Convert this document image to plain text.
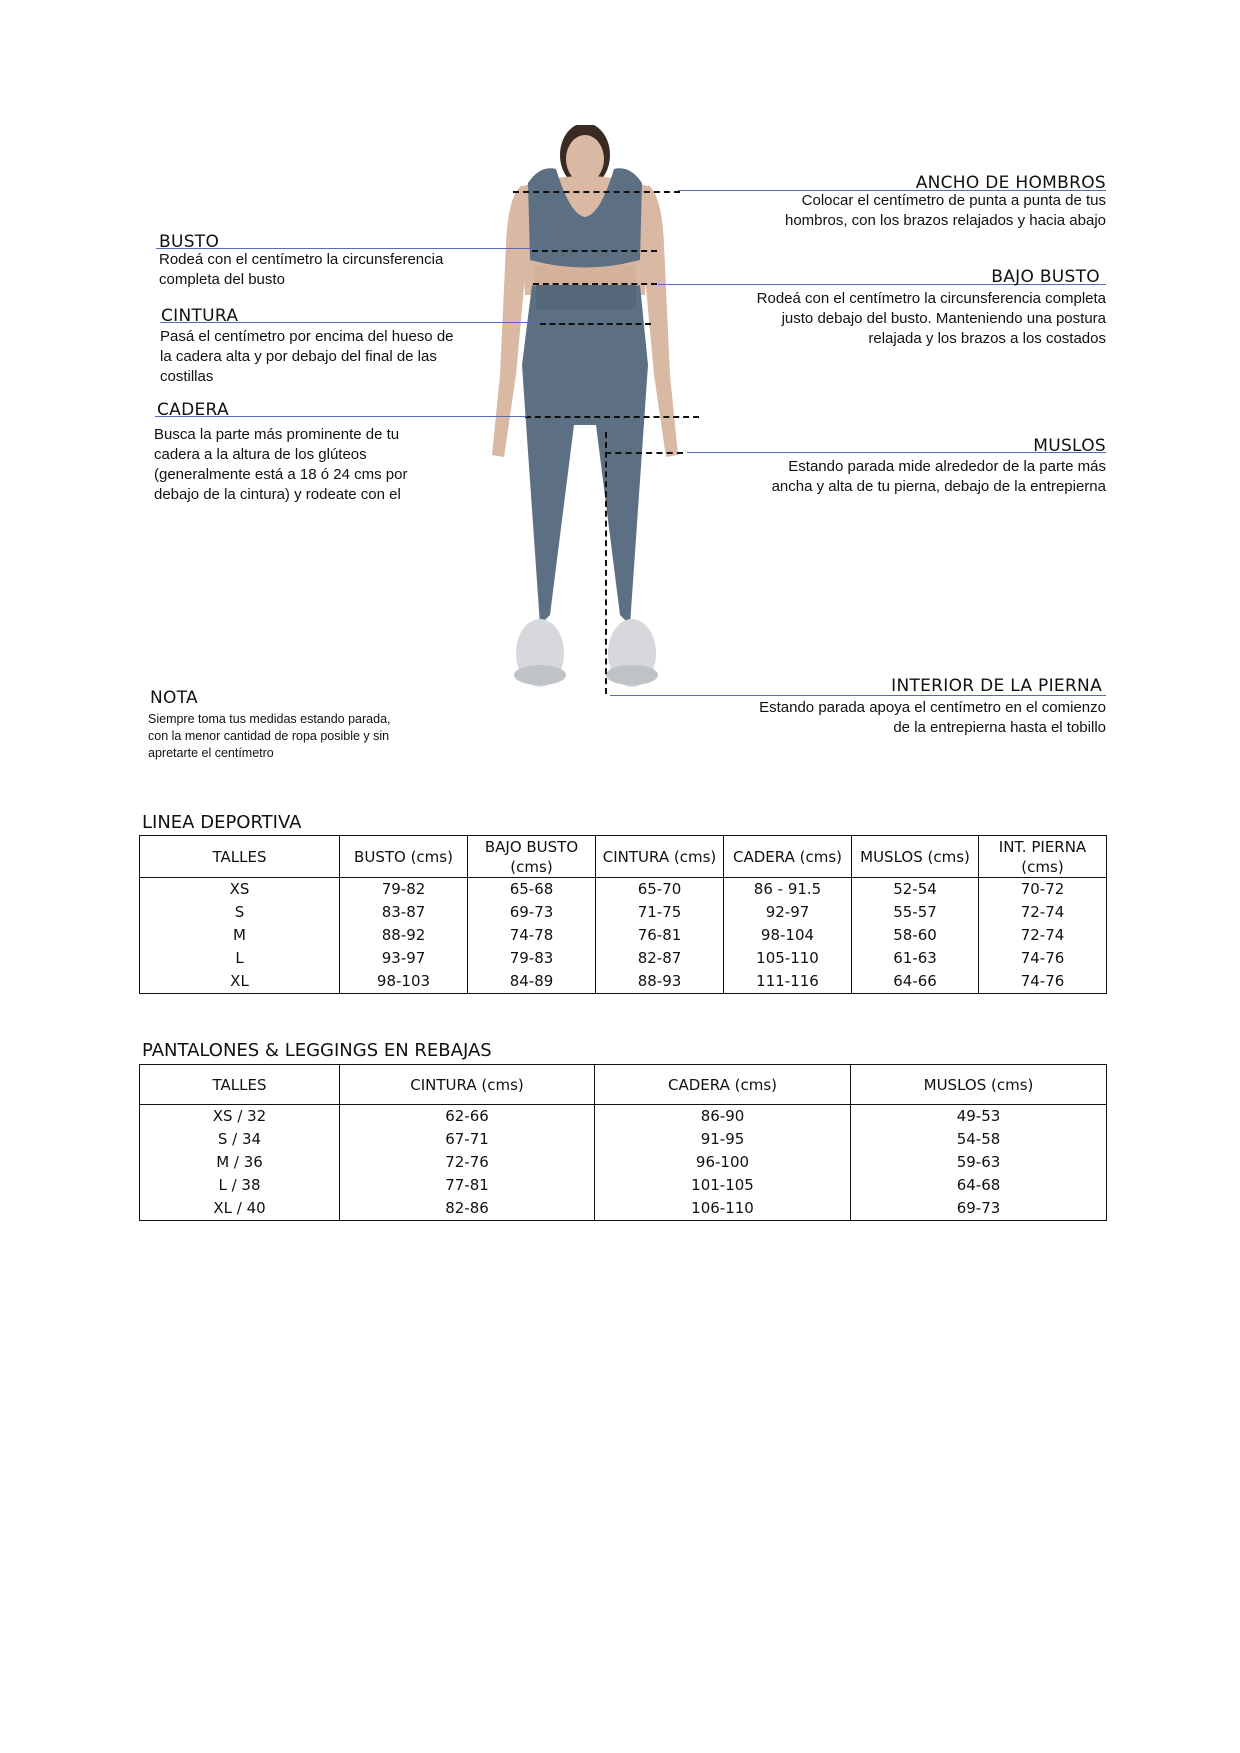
ANCHO DE HOMBROS
Colocar el centímetro de punta a punta de tus
hombros, con los brazos relajados y hacia abajo
BUSTO
Rodeá con el centímetro la circunsferencia
completa del busto	BAJO BUSTO
Rodeá con el centímetro la circunsferencia completa
justo debajo del busto. Manteniendo una postura
relajada y los brazos a los costados
CINTURA
Pasá el centímetro por encima del hueso de
la cadera alta y por debajo del final de las
costillas
CADERA
Busca la parte más prominente de tu
cadera a la altura de los glúteos
(generalmente está a 18 ó 24 cms por
debajo de la cintura) y rodeate con el
MUSLOS
Estando parada mide alrededor de la parte más
ancha y alta de tu pierna, debajo de la entrepierna
INTERIOR DE LA PIERNA
Estando parada apoya el centímetro en el comienzo
de la entrepierna hasta el tobillo
NOTA
Siempre toma tus medidas estando parada,
con la menor cantidad de ropa posible y sin
apretarte el centímetro
LINEA DEPORTIVA
TALLES	BUSTO (cms)	BAJO BUSTO
(cms)	CINTURA (cms)	CADERA (cms)	MUSLOS (cms)	INT. PIERNA
(cms)
XS	79-82	65-68	65-70	86 - 91.5	52-54	70-72
S	83-87	69-73	71-75	92-97	55-57	72-74
M	88-92	74-78	76-81	98-104	58-60	72-74
L	93-97	79-83	82-87	105-110	61-63	74-76
XL	98-103	84-89	88-93	111-116	64-66	74-76
PANTALONES & LEGGINGS EN REBAJAS
TALLES	CINTURA (cms)	CADERA (cms)	MUSLOS (cms)
XS / 32	62-66	86-90	49-53
S / 34	67-71	91-95	54-58
M / 36	72-76	96-100	59-63
L / 38	77-81	101-105	64-68
XL / 40	82-86	106-110	69-73
